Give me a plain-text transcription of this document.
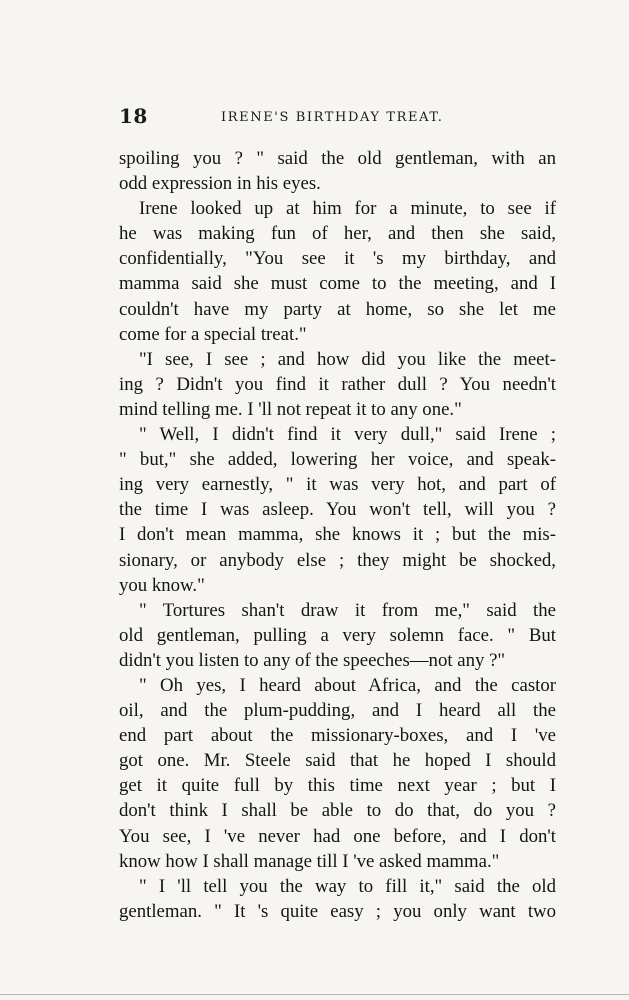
18	IRENE'S BIRTHDAY TREAT.
spoiling you ? " said the old gentleman, with an
odd expression in his eyes.
Irene looked up at him for a minute, to see if
he was making fun of her, and then she said,
confidentially, "You see it 's my birthday, and
mamma said she must come to the meeting, and I
couldn't have my party at home, so she let me
come for a special treat."
"I see, I see ; and how did you like the meet-
ing ? Didn't you find it rather dull ? You needn't
mind telling me. I 'll not repeat it to any one."
" Well, I didn't find it very dull," said Irene ;
" but," she added, lowering her voice, and speak-
ing very earnestly, " it was very hot, and part of
the time I was asleep. You won't tell, will you ?
I don't mean mamma, she knows it ; but the mis-
sionary, or anybody else ; they might be shocked,
you know."
" Tortures shan't draw it from me," said the
old gentleman, pulling a very solemn face. " But
didn't you listen to any of the speeches—not any ?"
" Oh yes, I heard about Africa, and the castor
oil, and the plum-pudding, and I heard all the
end part about the missionary-boxes, and I 've
got one. Mr. Steele said that he hoped I should
get it quite full by this time next year ; but I
don't think I shall be able to do that, do you ?
You see, I 've never had one before, and I don't
know how I shall manage till I 've asked mamma."
" I 'll tell you the way to fill it," said the old
gentleman. " It 's quite easy ; you only want two
